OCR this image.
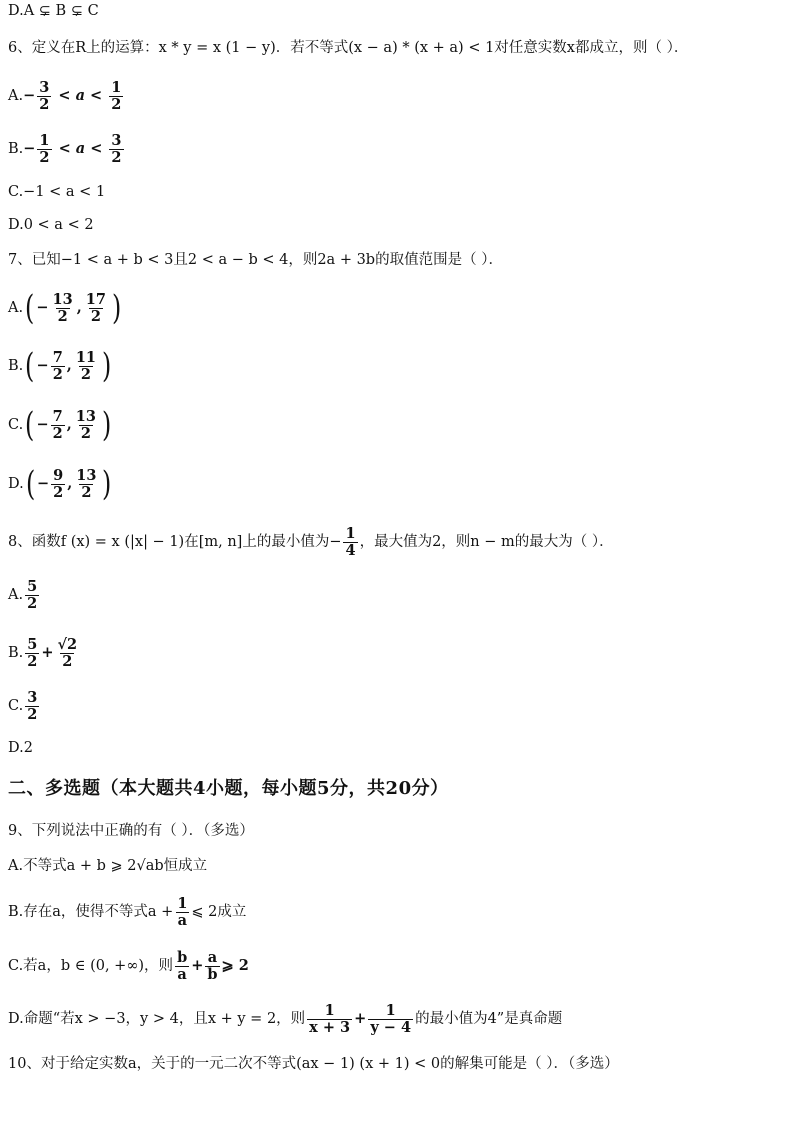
D.A ⊊ B ⊊ C
6、定义在R上的运算：x * y = x (1 − y)．若不等式(x − a) * (x + a) < 1对任意实数x都成立，则（ ）．
$A.- \frac{3}{2} < a < \frac{1}{2}$
$B.- \frac{1}{2} < a < \frac{3}{2}$
C.−1 < a < 1
D.0 < a < 2
7、已知−1 < a + b < 3且2 < a − b < 4，则2a + 3b的取值范围是（ ）．
$A.( - \frac{13}{2}$ , $\frac{17}{2}$ )
$B.( - \frac{7}{2}$ , $\frac{11}{2}$ )
$C.( - \frac{7}{2}$ , $\frac{13}{2}$ )
$D.( - \frac{9}{2}$ , $\frac{13}{2}$ )
8、函数f (x) = x (|x| − 1)在[m, n]上的最小值为− $\frac{1}{4}$ ，最大值为2，则n − m的最大为（ ）．
A. $\frac{5}{2}$
B. $\frac{5}{2} + \frac{√2}{2}$
C. $\frac{3}{2}$
D.2
二、多选题（本大题共4小题，每小题5分，共20分）
9、下列说法中正确的有（ ）．（多选）
A.不等式a + b ⩾ 2√ab恒成立
B.存在a，使得不等式$a + \frac{1}{a}$ ⩽ 2成立
C.若a，b ∈ (0, +∞)，则 $\frac{b}{a} + \frac{a}{b}$ ⩾ 2
D.命题“若x > −3，y > 4，且x + y = 2，则 $\frac{1}{x + 3} + \frac{1}{y - 4}$ 的最小值为4”是真命题
10、对于给定实数a，关于的一元二次不等式(ax − 1) (x + 1) < 0的解集可能是（ ）．（多选）
